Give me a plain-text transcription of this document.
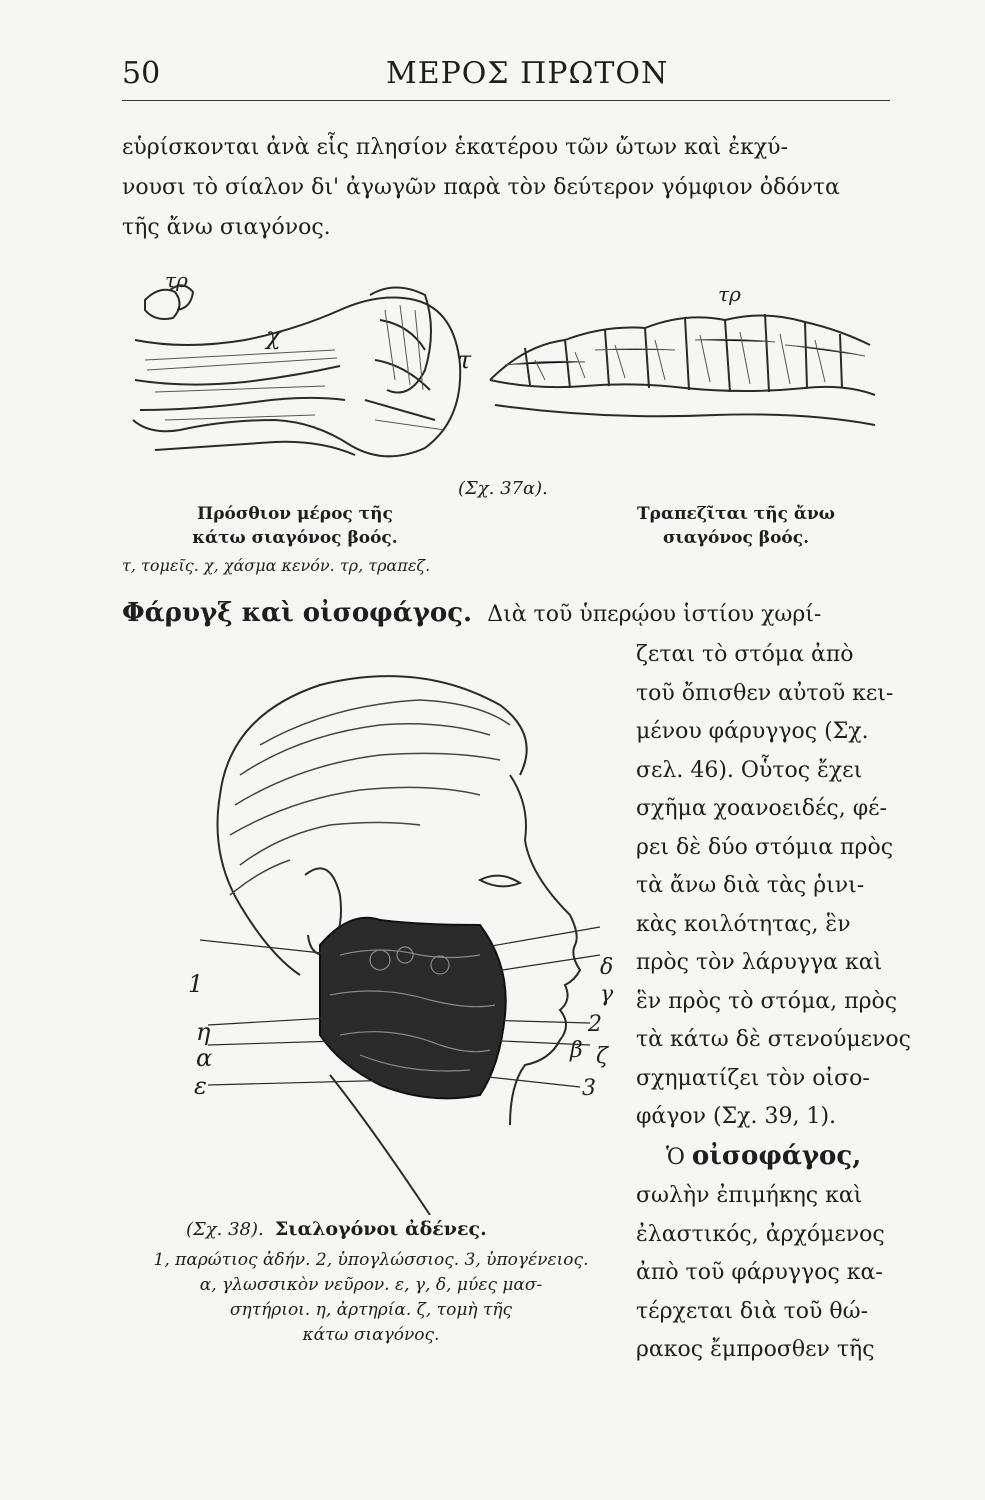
50	ΜΕΡΟΣ ΠΡΩΤΟΝ
εὑρίσκονται ἀνὰ εἷς πλησίον ἑκατέρου τῶν ὤτων καὶ ἐκχύ-
νουσι τὸ σίαλον δι' ἀγωγῶν παρὰ τὸν δεύτερον γόμφιον ὀδόντα
τῆς ἄνω σιαγόνος.
τρ
χ
τ
τρ
(Σχ. 37α).
Πρόσθιον μέρος τῆς
κάτω σιαγόνος βοός.
τ, τομεῖς. χ, χάσμα κενόν. τρ, τραπεζ.
Τραπεζῖται τῆς ἄνω
σιαγόνος βοός.
Φάρυγξ καὶ οἰσοφάγος. Διὰ τοῦ ὑπερῴου ἱστίου χωρί-
1
η
α
ε
δ
γ
2
β ζ
3
(Σχ. 38). Σιαλογόνοι ἀδένες.
1, παρώτιος ἀδήν. 2, ὑπογλώσσιος. 3, ὑπογένειος.
α, γλωσσικὸν νεῦρον. ε, γ, δ, μύες μασ-
σητήριοι. η, ἀρτηρία. ζ, τομὴ τῆς
κάτω σιαγόνος.
ζεται τὸ στόμα ἀπὸ
τοῦ ὄπισθεν αὐτοῦ κει-
μένου φάρυγγος (Σχ.
σελ. 46). Οὗτος ἔχει
σχῆμα χοανοειδές, φέ-
ρει δὲ δύο στόμια πρὸς
τὰ ἄνω διὰ τὰς ῥινι-
κὰς κοιλότητας, ἓν
πρὸς τὸν λάρυγγα καὶ
ἓν πρὸς τὸ στόμα, πρὸς
τὰ κάτω δὲ στενούμενος
σχηματίζει τὸν οἰσο-
φάγον (Σχ. 39, 1).
Ὁ οἰσοφάγος,
σωλὴν ἐπιμήκης καὶ
ἐλαστικός, ἀρχόμενος
ἀπὸ τοῦ φάρυγγος κα-
τέρχεται διὰ τοῦ θώ-
ρακος ἔμπροσθεν τῆς
